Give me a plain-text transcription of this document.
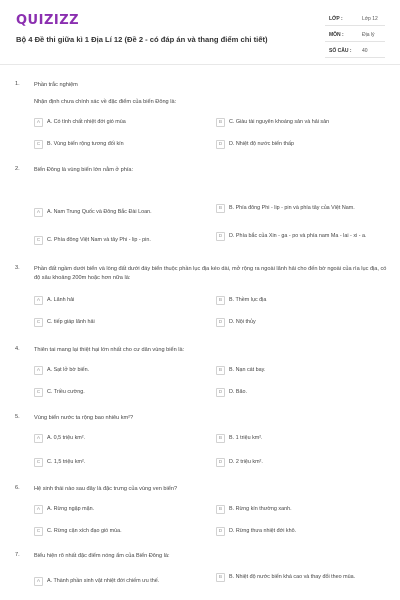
QUIZIZZ
Bộ 4 Đề thi giữa kì 1 Địa Lí 12 (Đề 2 - có đáp án và thang điểm chi tiết)
LỚP :	Lớp 12
MÔN :	Địa lý
SỐ CÂU :	40
1.	Phần trắc nghiệm
Nhận định chưa chính xác về đặc điểm của biển Đông là:
A	A. Có tính chất nhiệt đới gió mùa	B	C. Giàu tài nguyên khoáng sản và hải sản
C	B. Vùng biển rộng tương đối kín	D	D. Nhiệt độ nước biển thấp
2.	Biển Đông là vùng biển lớn nằm ở phía:
A	A. Nam Trung Quốc và Đông Bắc Đài Loan.
B	B. Phía đông Phi - lip - pin và phía tây của Việt Nam.
C	C. Phía đông Việt Nam và tây Phi - lip - pin.
D	D. Phía bắc của Xin - ga - po và phía nam Ma - lai - xi - a.
3.	Phần đất ngầm dưới biển và lòng đất dưới đáy biển thuộc phần lục địa kéo dài, mở rộng ra ngoài lãnh hải cho đến bờ ngoài của rìa lục địa, có độ sâu khoảng 200m hoặc hơn nữa là:
A	A. Lãnh hải	B	B. Thềm lục địa
C	C. tiếp giáp lãnh hải	D	D. Nội thủy
4.	Thiên tai mang lại thiệt hại lớn nhất cho cư dân vùng biển là:
A	A. Sạt lở bờ biển.	B	B. Nạn cát bay.
C	C. Triều cường.	D	D. Bão.
5.	Vùng biển nước ta rộng bao nhiêu km²?
A	A. 0,5 triệu km².	B	B. 1 triệu km².
C	C. 1,5 triệu km².	D	D. 2 triệu km².
6.	Hệ sinh thái nào sau đây là đặc trưng của vùng ven biển?
A	A. Rừng ngập mặn.	B	B. Rừng kín thường xanh.
C	C. Rừng cận xích đạo gió mùa.	D	D. Rừng thưa nhiệt đới khô.
7.	Biểu hiện rõ nhất đặc điểm nóng ẩm của Biển Đông là:
A	A. Thành phần sinh vật nhiệt đới chiếm ưu thế.
B	B. Nhiệt độ nước biển khá cao và thay đổi theo mùa.
